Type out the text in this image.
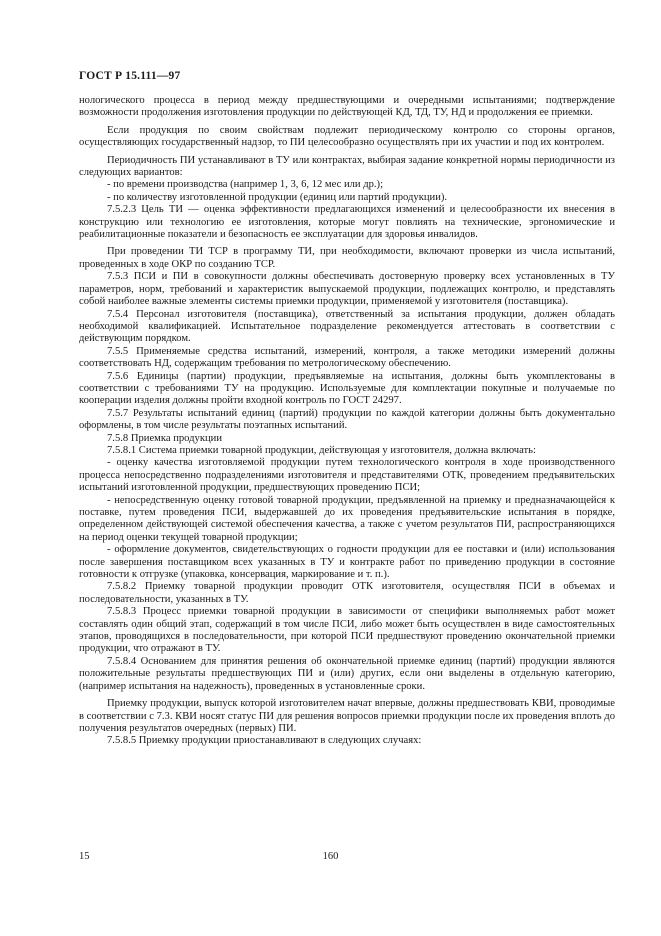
ГОСТ Р 15.111—97

нологического процесса в период между предшествующими и очередными испытаниями; подтверждение возможности продолжения изготовления продукции по действующей КД, ТД, ТУ, НД и продолжения ее приемки.

Если продукция по своим свойствам подлежит периодическому контролю со стороны органов, осуществляющих государственный надзор, то ПИ целесообразно осуществлять при их участии и под их контролем.

Периодичность ПИ устанавливают в ТУ или контрактах, выбирая задание конкретной нормы периодичности из следующих вариантов:

- по времени производства (например 1, 3, 6, 12 мес или др.);

- по количеству изготовленной продукции (единиц или партий продукции).

7.5.2.3 Цель ТИ — оценка эффективности предлагающихся изменений и целесообразности их внесения в конструкцию или технологию ее изготовления, которые могут повлиять на технические, эргономические и реабилитационные показатели и безопасность ее эксплуатации для здоровья инвалидов.

При проведении ТИ ТСР в программу ТИ, при необходимости, включают проверки из числа испытаний, проведенных в ходе ОКР по созданию ТСР.

7.5.3 ПСИ и ПИ в совокупности должны обеспечивать достоверную проверку всех установленных в ТУ параметров, норм, требований и характеристик выпускаемой продукции, подлежащих контролю, и представлять собой наиболее важные элементы системы приемки продукции, применяемой у изготовителя (поставщика).

7.5.4 Персонал изготовителя (поставщика), ответственный за испытания продукции, должен обладать необходимой квалификацией. Испытательное подразделение рекомендуется аттестовать в соответствии с действующим порядком.

7.5.5 Применяемые средства испытаний, измерений, контроля, а также методики измерений должны соответствовать НД, содержащим требования по метрологическому обеспечению.

7.5.6 Единицы (партии) продукции, предъявляемые на испытания, должны быть укомплектованы в соответствии с требованиями ТУ на продукцию. Используемые для комплектации покупные и получаемые по кооперации изделия должны пройти входной контроль по ГОСТ 24297.

7.5.7 Результаты испытаний единиц (партий) продукции по каждой категории должны быть документально оформлены, в том числе результаты поэтапных испытаний.

7.5.8 Приемка продукции

7.5.8.1 Система приемки товарной продукции, действующая у изготовителя, должна включать:

- оценку качества изготовляемой продукции путем технологического контроля в ходе производственного процесса непосредственно подразделениями изготовителя и представителями ОТК, проведением предъявительских испытаний изготовленной продукции, предшествующих проведению ПСИ;

- непосредственную оценку готовой товарной продукции, предъявленной на приемку и предназначающейся к поставке, путем проведения ПСИ, выдержавшей до их проведения предъявительские испытания в порядке, определенном действующей системой обеспечения качества, а также с учетом результатов ПИ, распространяющихся на период оценки текущей товарной продукции;

- оформление документов, свидетельствующих о годности продукции для ее поставки и (или) использования после завершения поставщиком всех указанных в ТУ и контракте работ по приведению продукции в состояние готовности к отгрузке (упаковка, консервация, маркирование и т. п.).

7.5.8.2 Приемку товарной продукции проводит ОТК изготовителя, осуществляя ПСИ в объемах и последовательности, указанных в ТУ.

7.5.8.3 Процесс приемки товарной продукции в зависимости от специфики выполняемых работ может составлять один общий этап, содержащий в том числе ПСИ, либо может быть осуществлен в виде самостоятельных этапов, проводящихся в последовательности, при которой ПСИ предшествуют проведению окончательной приемки продукции, что отражают в ТУ.

7.5.8.4 Основанием для принятия решения об окончательной приемке единиц (партий) продукции являются положительные результаты предшествующих ПИ и (или) других, если они выделены в отдельную категорию, (например испытания на надежность), проведенных в установленные сроки.

Приемку продукции, выпуск которой изготовителем начат впервые, должны предшествовать КВИ, проводимые в соответствии с 7.3. КВИ носят статус ПИ для решения вопросов приемки продукции после их проведения вплоть до получения результатов очередных (первых) ПИ.

7.5.8.5 Приемку продукции приостанавливают в следующих случаях:

15	160
